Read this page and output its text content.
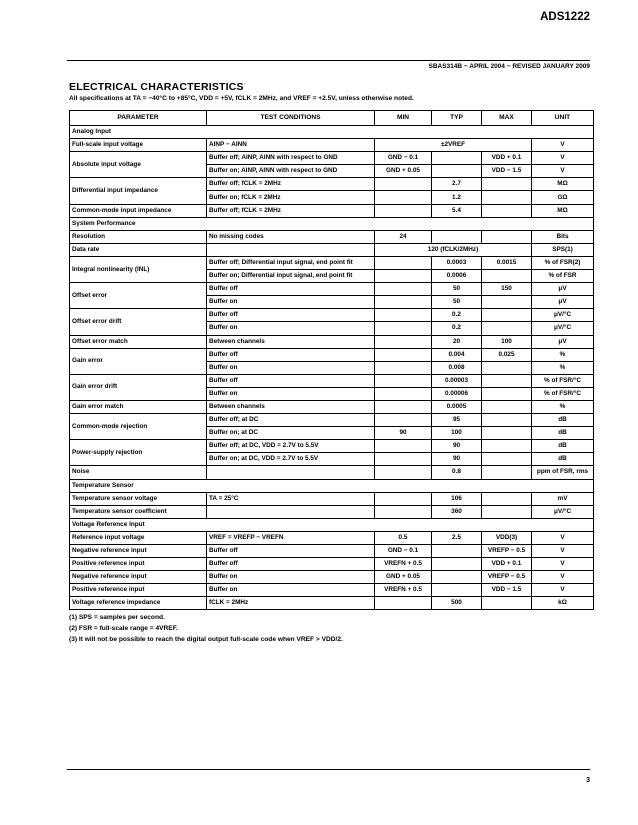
ADS1222
SBAS314B − APRIL 2004 − REVISED JANUARY 2009
ELECTRICAL CHARACTERISTICS
All specifications at TA = −40°C to +85°C, VDD = +5V, fCLK = 2MHz, and VREF = +2.5V, unless otherwise noted.
PARAMETER	TEST CONDITIONS	MIN	TYP	MAX	UNIT
Analog Input					
Full-scale input voltage	AINP − AINN	±2VREF			V
Absolute input voltage	Buffer off; AINP, AINN with respect to GND	GND − 0.1		VDD + 0.1	V
	Buffer on; AINP, AINN with respect to GND	GND + 0.05		VDD − 1.5	V
Differential input impedance	Buffer off; fCLK = 2MHz		2.7		MΩ
	Buffer on; fCLK = 2MHz		1.2		GΩ
Common-mode input impedance	Buffer off; fCLK = 2MHz		5.4		MΩ
System Performance					
Resolution	No missing codes	24			Bits
Data rate		120 (fCLK/2MHz)			SPS(1)
Integral nonlinearity (INL)	Buffer off; Differential input signal, end point fit		0.0003	0.0015	% of FSR(2)
	Buffer on; Differential input signal, end point fit		0.0006		% of FSR
Offset error	Buffer off		50	150	μV
	Buffer on		50		μV
Offset error drift	Buffer off		0.2		μV/°C
	Buffer on		0.2		μV/°C
Offset error match	Between channels		20	100	μV
Gain error	Buffer off		0.004	0.025	%
	Buffer on		0.008		%
Gain error drift	Buffer off		0.00003		% of FSR/°C
	Buffer on		0.00006		% of FSR/°C
Gain error match	Between channels		0.0005		%
Common-mode rejection	Buffer off; at DC		95		dB
	Buffer on; at DC	90	100		dB
Power-supply rejection	Buffer off; at DC, VDD = 2.7V to 5.5V		90		dB
	Buffer on; at DC, VDD = 2.7V to 5.5V		90		dB
Noise			0.8		ppm of FSR, rms
Temperature Sensor					
Temperature sensor voltage	TA = 25°C		106		mV
Temperature sensor coefficient			360		μV/°C
Voltage Reference Input					
Reference input voltage	VREF = VREFP − VREFN	0.5	2.5	VDD(3)	V
Negative reference input	Buffer off	GND − 0.1		VREFP − 0.5	V
Positive reference input	Buffer off	VREFN + 0.5		VDD + 0.1	V
Negative reference input	Buffer on	GND + 0.05		VREFP − 0.5	V
Positive reference input	Buffer on	VREFN + 0.5		VDD − 1.5	V
Voltage reference impedance	fCLK = 2MHz		500		kΩ
(1) SPS = samples per second.
(2) FSR = full-scale range = 4VREF.
(3) It will not be possible to reach the digital output full-scale code when VREF > VDD/2.
3
